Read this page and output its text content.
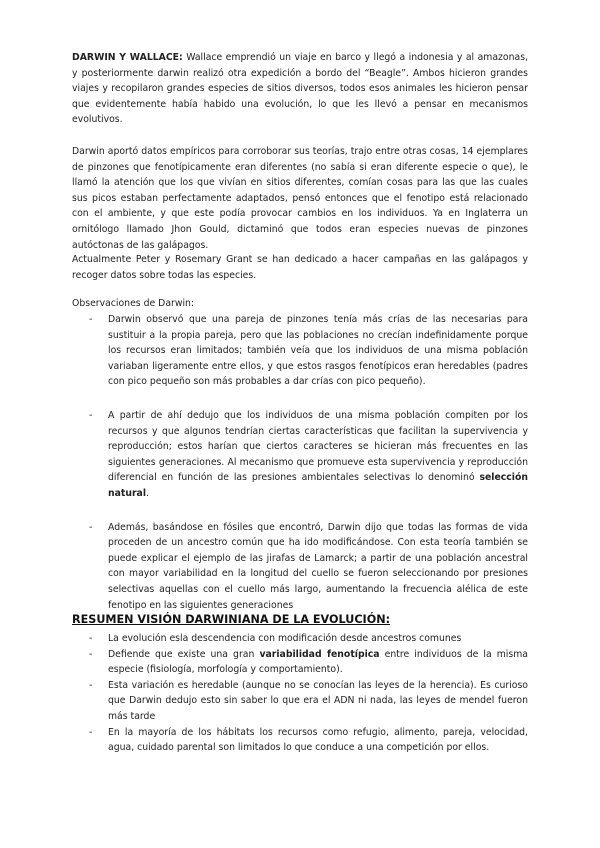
DARWIN Y WALLACE: Wallace emprendió un viaje en barco y llegó a indonesia y al amazonas, y posteriormente darwin realizó otra expedición a bordo del “Beagle”. Ambos hicieron grandes viajes y recopilaron grandes especies de sitios diversos, todos esos animales les hicieron pensar que evidentemente había habido una evolución, lo que les llevó a pensar en mecanismos evolutivos.

Darwin aportó datos empíricos para corroborar sus teorías, trajo entre otras cosas, 14 ejemplares de pinzones que fenotípicamente eran diferentes (no sabía si eran diferente especie o que), le llamó la atención que los que vivían en sitios diferentes, comían cosas para las que las cuales sus picos estaban perfectamente adaptados, pensó entonces que el fenotipo está relacionado con el ambiente, y que este podía provocar cambios en los individuos. Ya en Inglaterra un ornitólogo llamado Jhon Gould, dictaminó que todos eran especies nuevas de pinzones autóctonas de las galápagos.

Actualmente Peter y Rosemary Grant se han dedicado a hacer campañas en las galápagos y recoger datos sobre todas las especies.

Observaciones de Darwin:

- Darwin observó que una pareja de pinzones tenía más crías de las necesarias para sustituir a la propia pareja, pero que las poblaciones no crecían indefinidamente porque los recursos eran limitados; también veía que los individuos de una misma población variaban ligeramente entre ellos, y que estos rasgos fenotípicos eran heredables (padres con pico pequeño son más probables a dar crías con pico pequeño).
- A partir de ahí dedujo que los individuos de una misma población compiten por los recursos y que algunos tendrían ciertas características que facilitan la supervivencia y reproducción; estos harían que ciertos caracteres se hicieran más frecuentes en las siguientes generaciones. Al mecanismo que promueve esta supervivencia y reproducción diferencial en función de las presiones ambientales selectivas lo denominó selección natural.
- Además, basándose en fósiles que encontró, Darwin dijo que todas las formas de vida proceden de un ancestro común que ha ido modificándose. Con esta teoría también se puede explicar el ejemplo de las jirafas de Lamarck; a partir de una población ancestral con mayor variabilidad en la longitud del cuello se fueron seleccionando por presiones selectivas aquellas con el cuello más largo, aumentando la frecuencia alélica de este fenotipo en las siguientes generaciones
RESUMEN VISIÓN DARWINIANA DE LA EVOLUCIÓN:
- La evolución esla descendencia con modificación desde ancestros comunes
- Defiende que existe una gran variabilidad fenotípica entre individuos de la misma especie (fisiología, morfología y comportamiento).
- Esta variación es heredable (aunque no se conocían las leyes de la herencia). Es curioso que Darwin dedujo esto sin saber lo que era el ADN ni nada, las leyes de mendel fueron más tarde
- En la mayoría de los hábitats los recursos como refugio, alimento, pareja, velocidad, agua, cuidado parental son limitados lo que conduce a una competición por ellos.
